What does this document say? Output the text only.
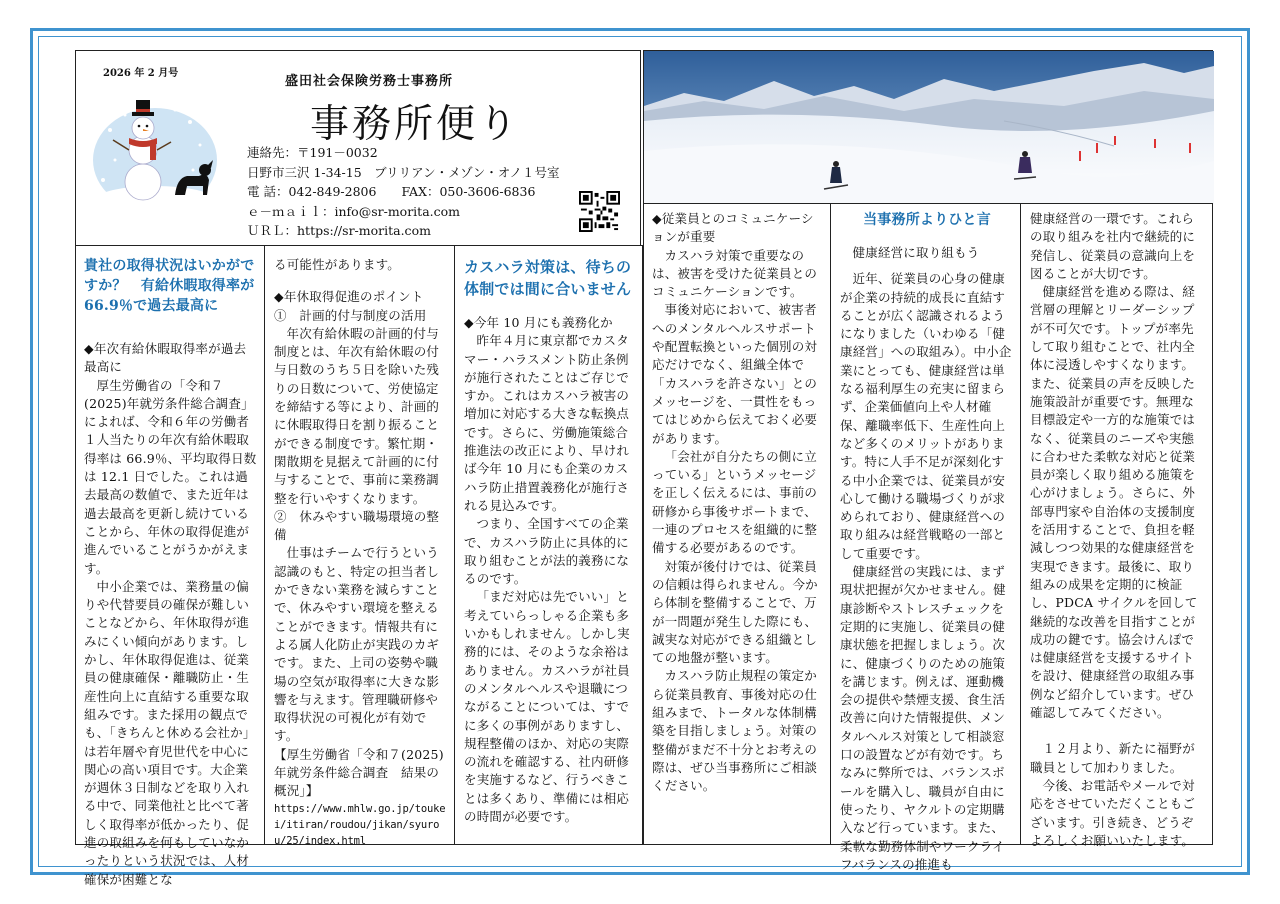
2026 年 2 月号
盛田社会保険労務士事務所
事務所便り
連絡先：〒191－0032
日野市三沢 1-34-15　ブリリアン・メゾン・オノ１号室
電 話：042-849-2806　　FAX：050-3606-6836
ｅ－ｍａｉｌ：info@sr-morita.com
ＵＲＬ：https://sr-morita.com

貴社の取得状況はいかがですか？　有給休暇取得率が 66.9％で過去最高に

◆年次有給休暇取得率が過去最高に

厚生労働省の「令和７(2025)年就労条件総合調査」によれば、令和６年の労働者１人当たりの年次有給休暇取得率は 66.9％、平均取得日数は 12.1 日でした。これは過去最高の数値で、また近年は過去最高を更新し続けていることから、年休の取得促進が進んでいることがうかがえます。

中小企業では、業務量の偏りや代替要員の確保が難しいことなどから、年休取得が進みにくい傾向があります。しかし、年休取得促進は、従業員の健康確保・離職防止・生産性向上に直結する重要な取組みです。また採用の観点でも、「きちんと休める会社か」は若年層や育児世代を中心に関心の高い項目です。大企業が週休３日制などを取り入れる中で、同業他社と比べて著しく取得率が低かったり、促進の取組みを何もしていなかったりという状況では、人材確保が困難とな

る可能性があります。

◆年休取得促進のポイント

①　計画的付与制度の活用

年次有給休暇の計画的付与制度とは、年次有給休暇の付与日数のうち５日を除いた残りの日数について、労使協定を締結する等により、計画的に休暇取得日を割り振ることができる制度です。繁忙期・閑散期を見据えて計画的に付与することで、事前に業務調整を行いやすくなります。

②　休みやすい職場環境の整備

仕事はチームで行うという認識のもと、特定の担当者しかできない業務を減らすことで、休みやすい環境を整えることができます。情報共有による属人化防止が実践のカギです。また、上司の姿勢や職場の空気が取得率に大きな影響を与えます。管理職研修や取得状況の可視化が有効です。

【厚生労働省「令和７(2025)年就労条件総合調査　結果の概況」】

https://www.mhlw.go.jp/toukei/itiran/roudou/jikan/syurou/25/index.html

カスハラ対策は、待ちの体制では間に合いません

◆今年 10 月にも義務化か

昨年４月に東京都でカスタマー・ハラスメント防止条例が施行されたことはご存じですか。これはカスハラ被害の増加に対応する大きな転換点です。さらに、労働施策総合推進法の改正により、早ければ今年 10 月にも企業のカスハラ防止措置義務化が施行される見込みです。

つまり、全国すべての企業で、カスハラ防止に具体的に取り組むことが法的義務になるのです。

「まだ対応は先でいい」と考えていらっしゃる企業も多いかもしれません。しかし実務的には、そのような余裕はありません。カスハラが社員のメンタルヘルスや退職につながることについては、すでに多くの事例がありますし、規程整備のほか、対応の実際の流れを確認する、社内研修を実施するなど、行うべきことは多くあり、準備には相応の時間が必要です。

◆従業員とのコミュニケーションが重要

カスハラ対策で重要なのは、被害を受けた従業員とのコミュニケーションです。

事後対応において、被害者へのメンタルヘルスサポートや配置転換といった個別の対応だけでなく、組織全体で「カスハラを許さない」とのメッセージを、一貫性をもってはじめから伝えておく必要があります。

「会社が自分たちの側に立っている」というメッセージを正しく伝えるには、事前の研修から事後サポートまで、一連のプロセスを組織的に整備する必要があるのです。

対策が後付けでは、従業員の信頼は得られません。今から体制を整備することで、万が一問題が発生した際にも、誠実な対応ができる組織としての地盤が整います。

カスハラ防止規程の策定から従業員教育、事後対応の仕組みまで、トータルな体制構築を目指しましょう。対策の整備がまだ不十分とお考えの際は、ぜひ当事務所にご相談ください。

当事務所よりひと言

健康経営に取り組もう

近年、従業員の心身の健康が企業の持続的成長に直結することが広く認識されるようになりました（いわゆる「健康経営」への取組み）。中小企業にとっても、健康経営は単なる福利厚生の充実に留まらず、企業価値向上や人材確保、離職率低下、生産性向上など多くのメリットがあります。特に人手不足が深刻化する中小企業では、従業員が安心して働ける職場づくりが求められており、健康経営への取り組みは経営戦略の一部として重要です。

健康経営の実践には、まず現状把握が欠かせません。健康診断やストレスチェックを定期的に実施し、従業員の健康状態を把握しましょう。次に、健康づくりのための施策を講じます。例えば、運動機会の提供や禁煙支援、食生活改善に向けた情報提供、メンタルヘルス対策として相談窓口の設置などが有効です。ちなみに弊所では、バランスボールを購入し、職員が自由に使ったり、ヤクルトの定期購入など行っています。また、柔軟な勤務体制やワークライフバランスの推進も

健康経営の一環です。これらの取り組みを社内で継続的に発信し、従業員の意識向上を図ることが大切です。

健康経営を進める際は、経営層の理解とリーダーシップが不可欠です。トップが率先して取り組むことで、社内全体に浸透しやすくなります。また、従業員の声を反映した施策設計が重要です。無理な目標設定や一方的な施策ではなく、従業員のニーズや実態に合わせた柔軟な対応と従業員が楽しく取り組める施策を心がけましょう。さらに、外部専門家や自治体の支援制度を活用することで、負担を軽減しつつ効果的な健康経営を実現できます。最後に、取り組みの成果を定期的に検証し、PDCA サイクルを回して継続的な改善を目指すことが成功の鍵です。協会けんぽでは健康経営を支援するサイトを設け、健康経営の取組み事例など紹介しています。ぜひ確認してみてください。

１２月より、新たに福野が職員として加わりました。

今後、お電話やメールで対応をさせていただくこともございます。引き続き、どうぞよろしくお願いいたします。
